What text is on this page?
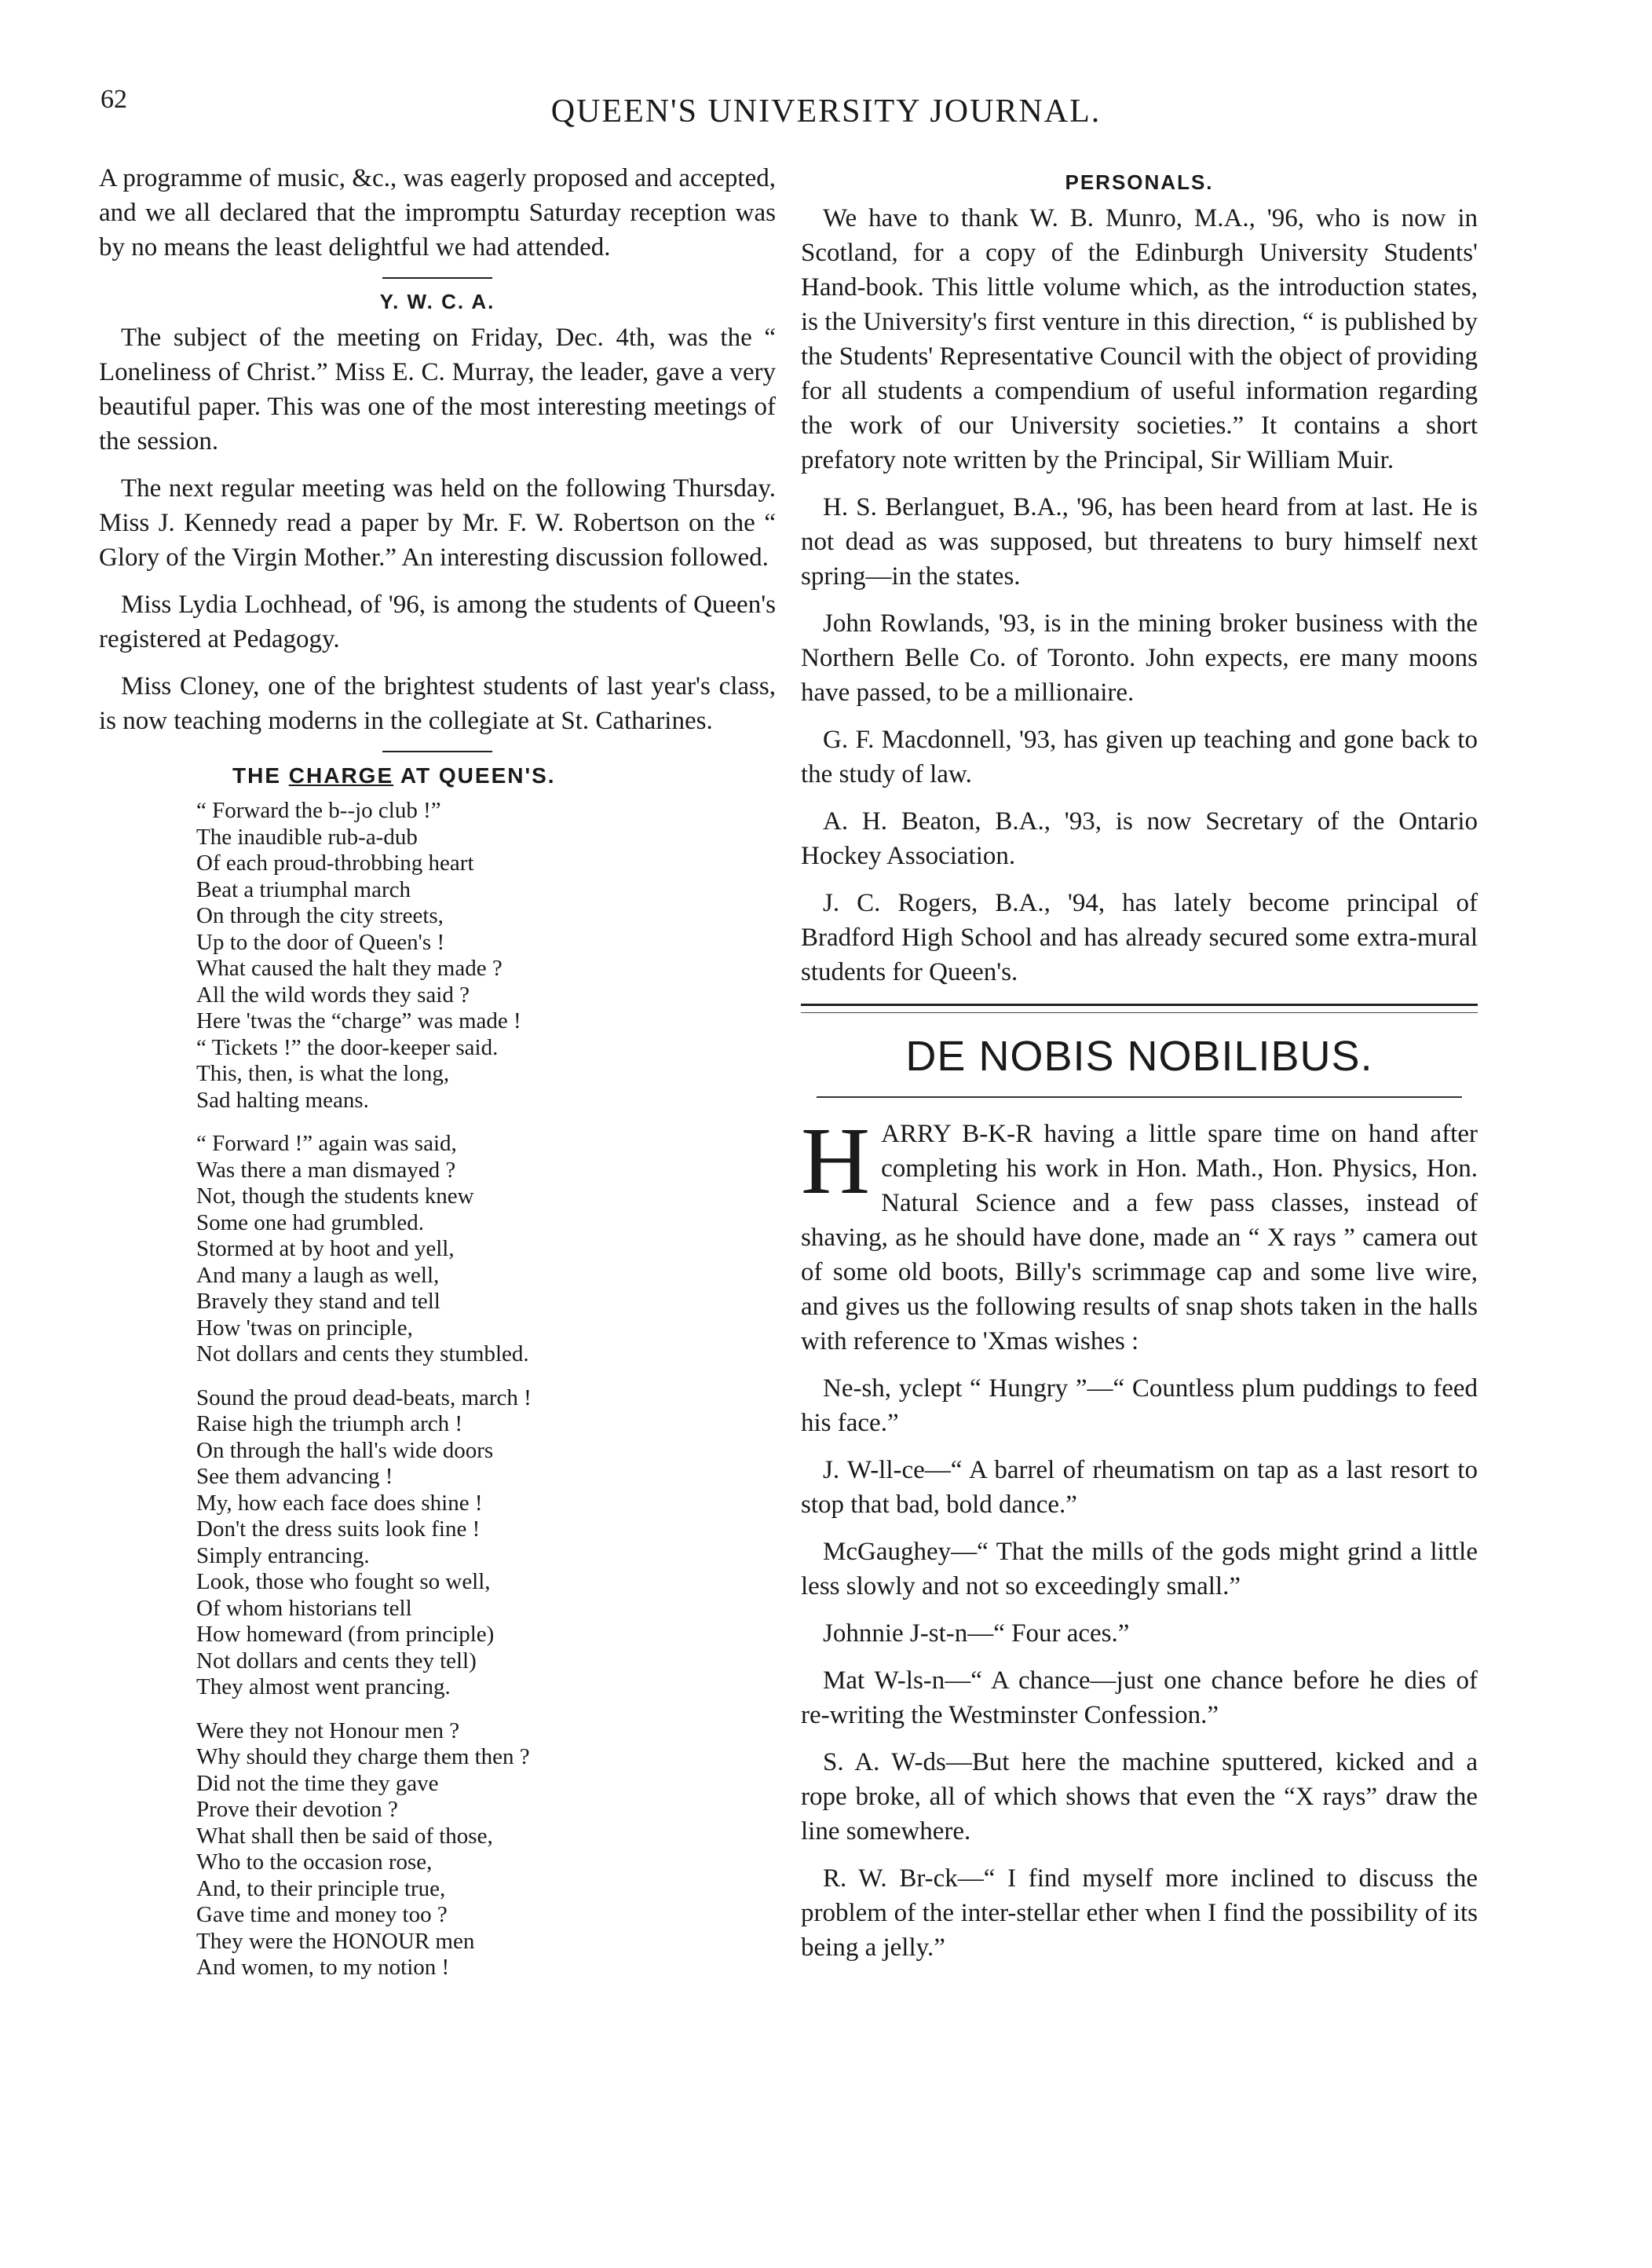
62	QUEEN'S UNIVERSITY JOURNAL.

A programme of music, &c., was eagerly proposed and accepted, and we all declared that the impromptu Saturday reception was by no means the least delightful we had attended.

Y. W. C. A.

The subject of the meeting on Friday, Dec. 4th, was the “ Loneliness of Christ.” Miss E. C. Murray, the leader, gave a very beautiful paper. This was one of the most interesting meetings of the session.

The next regular meeting was held on the following Thursday. Miss J. Kennedy read a paper by Mr. F. W. Robertson on the “ Glory of the Virgin Mother.” An interesting discussion followed.

Miss Lydia Lochhead, of '96, is among the students of Queen's registered at Pedagogy.

Miss Cloney, one of the brightest students of last year's class, is now teaching moderns in the collegiate at St. Catharines.

THE CHARGE AT QUEEN'S.
“ Forward the b--jo club !”
The inaudible rub-a-dub
Of each proud-throbbing heart
Beat a triumphal march
On through the city streets,
Up to the door of Queen's !
What caused the halt they made ?
All the wild words they said ?
Here 'twas the “charge” was made !
“ Tickets !” the door-keeper said.
This, then, is what the long,
Sad halting means.
“ Forward !” again was said,
Was there a man dismayed ?
Not, though the students knew
Some one had grumbled.
Stormed at by hoot and yell,
And many a laugh as well,
Bravely they stand and tell
How 'twas on principle,
Not dollars and cents they stumbled.
Sound the proud dead-beats, march !
Raise high the triumph arch !
On through the hall's wide doors
See them advancing !
My, how each face does shine !
Don't the dress suits look fine !
Simply entrancing.
Look, those who fought so well,
Of whom historians tell
How homeward (from principle)
Not dollars and cents they tell)
They almost went prancing.
Were they not Honour men ?
Why should they charge them then ?
Did not the time they gave
Prove their devotion ?
What shall then be said of those,
Who to the occasion rose,
And, to their principle true,
Gave time and money too ?
They were the HONOUR men
And women, to my notion !
PERSONALS.

We have to thank W. B. Munro, M.A., '96, who is now in Scotland, for a copy of the Edinburgh University Students' Hand-book. This little volume which, as the introduction states, is the University's first venture in this direction, “ is published by the Students' Representative Council with the object of providing for all students a compendium of useful information regarding the work of our University societies.” It contains a short prefatory note written by the Principal, Sir William Muir.

H. S. Berlanguet, B.A., '96, has been heard from at last. He is not dead as was supposed, but threatens to bury himself next spring—in the states.

John Rowlands, '93, is in the mining broker business with the Northern Belle Co. of Toronto. John expects, ere many moons have passed, to be a millionaire.

G. F. Macdonnell, '93, has given up teaching and gone back to the study of law.

A. H. Beaton, B.A., '93, is now Secretary of the Ontario Hockey Association.

J. C. Rogers, B.A., '94, has lately become principal of Bradford High School and has already secured some extra-mural students for Queen's.

DE NOBIS NOBILIBUS.

HARRY B-K-R having a little spare time on hand after completing his work in Hon. Math., Hon. Physics, Hon. Natural Science and a few pass classes, instead of shaving, as he should have done, made an “ X rays ” camera out of some old boots, Billy's scrimmage cap and some live wire, and gives us the following results of snap shots taken in the halls with reference to 'Xmas wishes :

Ne-sh, yclept “ Hungry ”—“ Countless plum puddings to feed his face.”

J. W-ll-ce—“ A barrel of rheumatism on tap as a last resort to stop that bad, bold dance.”

McGaughey—“ That the mills of the gods might grind a little less slowly and not so exceedingly small.”

Johnnie J-st-n—“ Four aces.”

Mat W-ls-n—“ A chance—just one chance before he dies of re-writing the Westminster Confession.”

S. A. W-ds—But here the machine sputtered, kicked and a rope broke, all of which shows that even the “X rays” draw the line somewhere.

R. W. Br-ck—“ I find myself more inclined to discuss the problem of the inter-stellar ether when I find the possibility of its being a jelly.”
